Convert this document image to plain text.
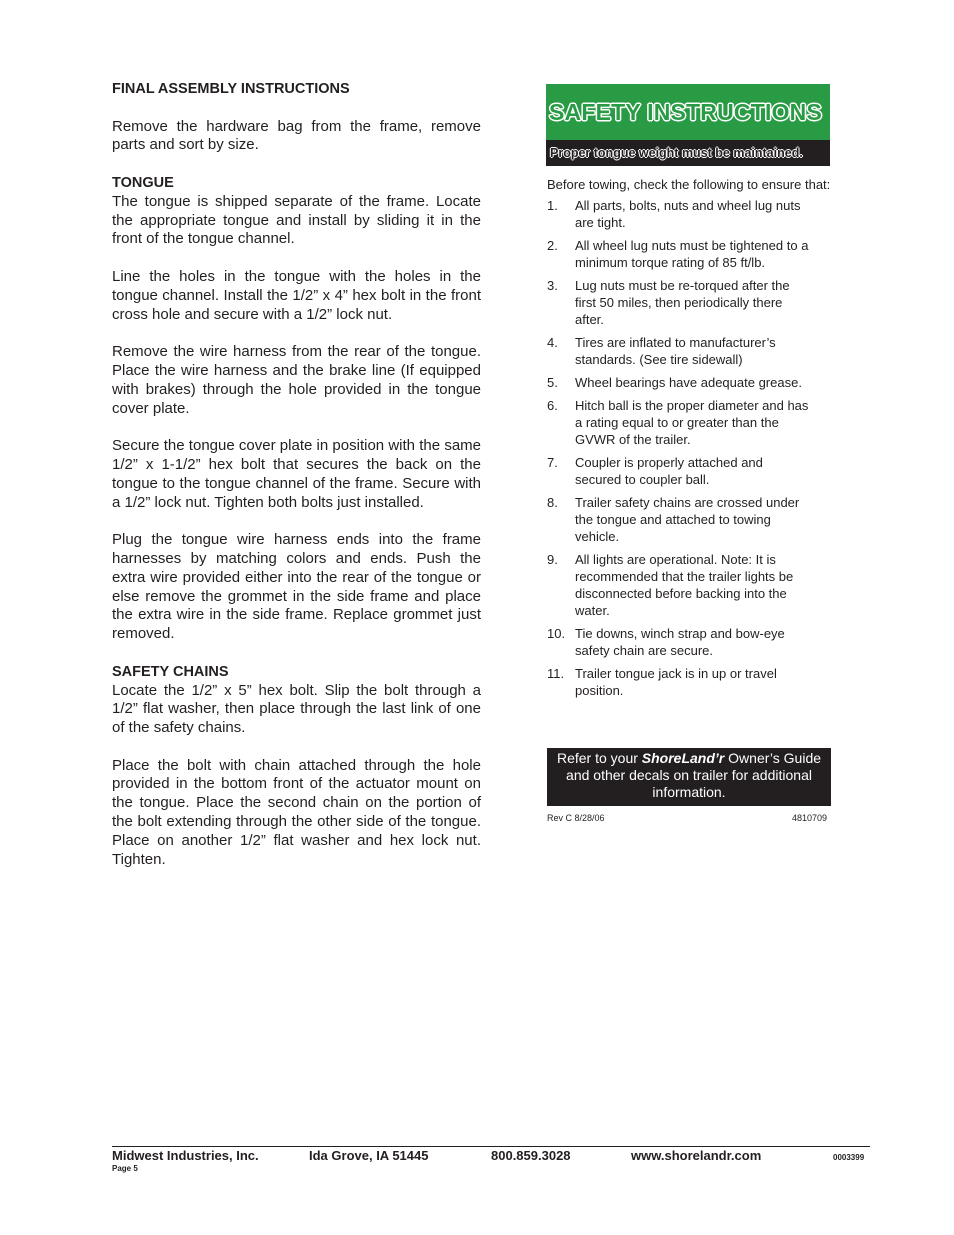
FINAL ASSEMBLY INSTRUCTIONS

Remove the hardware bag from the frame, remove parts and sort by size.

TONGUE

The tongue is shipped separate of the frame. Locate the appropriate tongue and install by sliding it in the front of the tongue channel.

Line the holes in the tongue with the holes in the tongue channel. Install the 1/2” x 4” hex bolt in the front cross hole and secure with a 1/2” lock nut.

Remove the wire harness from the rear of the tongue. Place the wire harness and the brake line (If equipped with brakes) through the hole provided in the tongue cover plate.

Secure the tongue cover plate in position with the same 1/2” x 1-1/2” hex bolt that secures the back on the tongue to the tongue channel of the frame. Secure with a 1/2” lock nut. Tighten both bolts just installed.

Plug the tongue wire harness ends into the frame harnesses by matching colors and ends. Push the extra wire provided either into the rear of the tongue or else remove the grommet in the side frame and place the extra wire in the side frame. Replace grommet just removed.

SAFETY CHAINS

Locate the 1/2” x 5” hex bolt. Slip the bolt through a 1/2” flat washer, then place through the last link of one of the safety chains.

Place the bolt with chain attached through the hole provided in the bottom front of the actuator mount on the tongue. Place the second chain on the portion of the bolt extending through the other side of the tongue. Place on another 1/2” flat washer and hex lock nut. Tighten.

SAFETY INSTRUCTIONS
Proper tongue weight must be maintained.
Before towing, check the following to ensure that:
1.	All parts, bolts, nuts and wheel lug nuts are tight.
2.	All wheel lug nuts must be tightened to a minimum torque rating of 85 ft/lb.
3.	Lug nuts must be re-torqued after the first 50 miles, then periodically there after.
4.	Tires are inflated to manufacturer’s standards. (See tire sidewall)
5.	Wheel bearings have adequate grease.
6.	Hitch ball is the proper diameter and has a rating equal to or greater than the GVWR of the trailer.
7.	Coupler is properly attached and secured to coupler ball.
8.	Trailer safety chains are crossed under the tongue and attached to towing vehicle.
9.	All lights are operational. Note: It is recommended that the trailer lights be disconnected before backing into the water.
10. Tie downs, winch strap and bow-eye safety chain are secure.
11. Trailer tongue jack is in up or travel position.
Refer to your ShoreLand’r Owner’s Guide and other decals on trailer for additional information.
Rev C 8/28/06	4810709
Midwest Industries, Inc.	Ida Grove, IA 51445	800.859.3028	www.shorelandr.com	0003399
Page 5
